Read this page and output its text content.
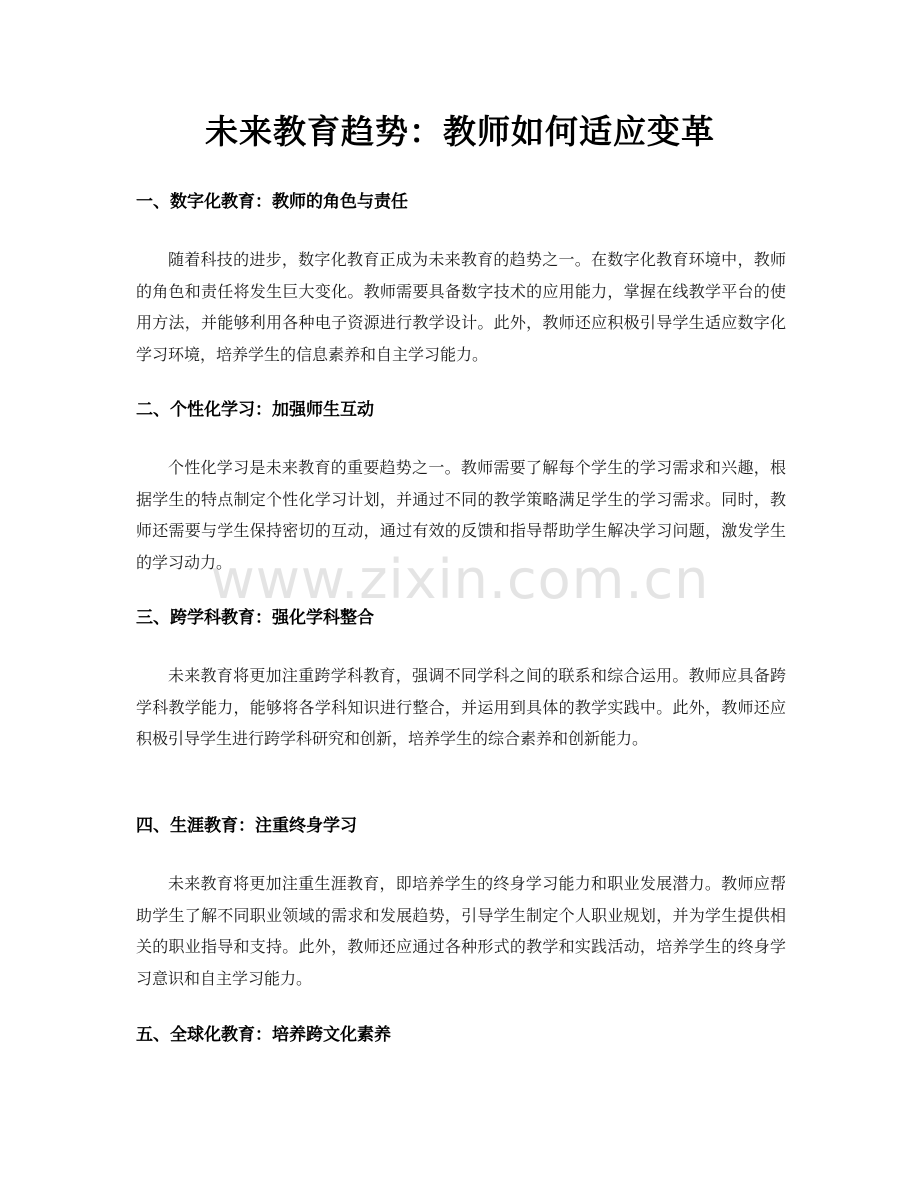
未来教育趋势：教师如何适应变革
一、数字化教育：教师的角色与责任

随着科技的进步，数字化教育正成为未来教育的趋势之一。在数字化教育环境中，教师的角色和责任将发生巨大变化。教师需要具备数字技术的应用能力，掌握在线教学平台的使用方法，并能够利用各种电子资源进行教学设计。此外，教师还应积极引导学生适应数字化学习环境，培养学生的信息素养和自主学习能力。

二、个性化学习：加强师生互动

个性化学习是未来教育的重要趋势之一。教师需要了解每个学生的学习需求和兴趣，根据学生的特点制定个性化学习计划，并通过不同的教学策略满足学生的学习需求。同时，教师还需要与学生保持密切的互动，通过有效的反馈和指导帮助学生解决学习问题，激发学生的学习动力。

三、跨学科教育：强化学科整合

未来教育将更加注重跨学科教育，强调不同学科之间的联系和综合运用。教师应具备跨学科教学能力，能够将各学科知识进行整合，并运用到具体的教学实践中。此外，教师还应积极引导学生进行跨学科研究和创新，培养学生的综合素养和创新能力。

四、生涯教育：注重终身学习

未来教育将更加注重生涯教育，即培养学生的终身学习能力和职业发展潜力。教师应帮助学生了解不同职业领域的需求和发展趋势，引导学生制定个人职业规划，并为学生提供相关的职业指导和支持。此外，教师还应通过各种形式的教学和实践活动，培养学生的终身学习意识和自主学习能力。

五、全球化教育：培养跨文化素养
www.zixin.com.cn
